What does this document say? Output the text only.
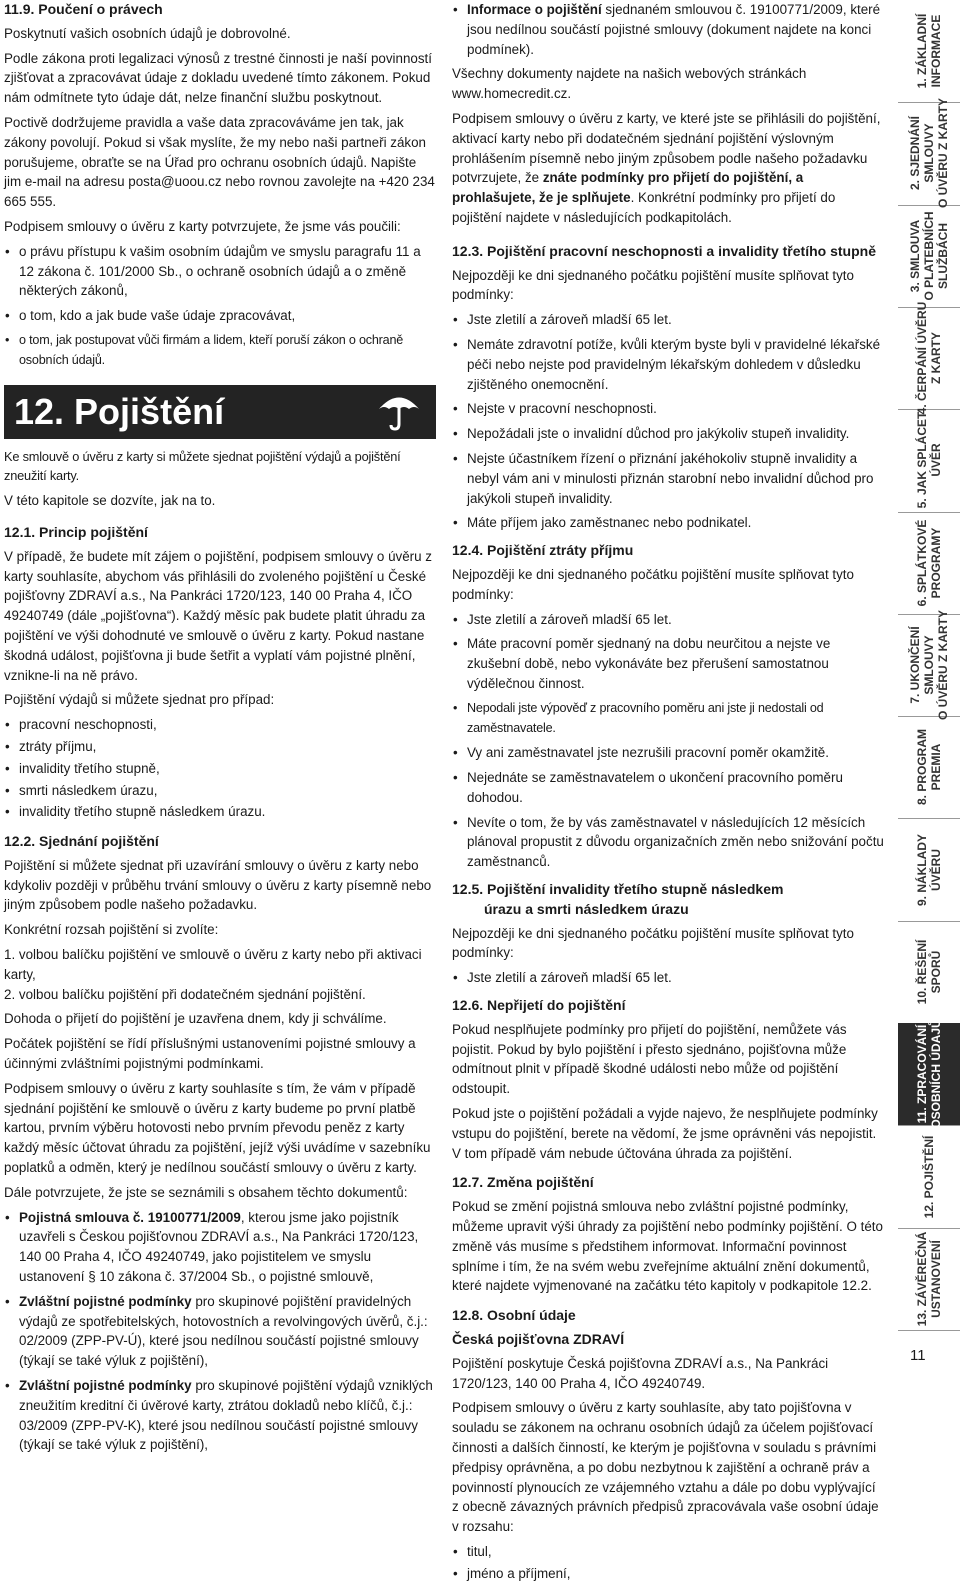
11.9. Poučení o právech

Poskytnutí vašich osobních údajů je dobrovolné.

Podle zákona proti legalizaci výnosů z trestné činnosti je naší povinností zjišťovat a zpracovávat údaje z dokladu uvedené tímto zákonem. Pokud nám odmítnete tyto údaje dát, nelze finanční službu poskytnout.

Poctivě dodržujeme pravidla a vaše data zpracováváme jen tak, jak zákony povolují. Pokud si však myslíte, že my nebo naši partneři zákon porušujeme, obraťte se na Úřad pro ochranu osobních údajů. Napište jim e-mail na adresu posta@uoou.cz nebo rovnou zavolejte na +420 234 665 555.

Podpisem smlouvy o úvěru z karty potvrzujete, že jsme vás poučili:

• o právu přístupu k vašim osobním údajům ve smyslu paragrafu 11 a 12 zákona č. 101/2000 Sb., o ochraně osobních údajů a o změně některých zákonů,
• o tom, kdo a jak bude vaše údaje zpracovávat,
• o tom, jak postupovat vůči firmám a lidem, kteří poruší zákon o ochraně osobních údajů.
12. Pojištění

Ke smlouvě o úvěru z karty si můžete sjednat pojištění výdajů a pojištění zneužití karty.

V této kapitole se dozvíte, jak na to.

12.1. Princip pojištění

V případě, že budete mít zájem o pojištění, podpisem smlouvy o úvěru z karty souhlasíte, abychom vás přihlásili do zvoleného pojištění u České pojišťovny ZDRAVÍ a.s., Na Pankráci 1720/123, 140 00 Praha 4, IČO 49240749 (dále „pojišťovna“). Každý měsíc pak budete platit úhradu za pojištění ve výši dohodnuté ve smlouvě o úvěru z karty. Pokud nastane škodná událost, pojišťovna ji bude šetřit a vyplatí vám pojistné plnění, vznikne-li na ně právo.

Pojištění výdajů si můžete sjednat pro případ:

• pracovní neschopnosti,
• ztráty příjmu,
• invalidity třetího stupně,
• smrti následkem úrazu,
• invalidity třetího stupně následkem úrazu.
12.2. Sjednání pojištění

Pojištění si můžete sjednat při uzavírání smlouvy o úvěru z karty nebo kdykoliv později v průběhu trvání smlouvy o úvěru z karty písemně nebo jiným způsobem podle našeho požadavku.

Konkrétní rozsah pojištění si zvolíte:

1. volbou balíčku pojištění ve smlouvě o úvěru z karty nebo při aktivaci karty,

2. volbou balíčku pojištění při dodatečném sjednání pojištění.

Dohoda o přijetí do pojištění je uzavřena dnem, kdy ji schválíme.

Počátek pojištění se řídí příslušnými ustanoveními pojistné smlouvy a účinnými zvláštními pojistnými podmínkami.

Podpisem smlouvy o úvěru z karty souhlasíte s tím, že vám v případě sjednání pojištění ke smlouvě o úvěru z karty budeme po první platbě kartou, prvním výběru hotovosti nebo prvním převodu peněz z karty každý měsíc účtovat úhradu za pojištění, jejíž výši uvádíme v sazebníku poplatků a odměn, který je nedílnou součástí smlouvy o úvěru z karty.

Dále potvrzujete, že jste se seznámili s obsahem těchto dokumentů:

• Pojistná smlouva č. 19100771/2009, kterou jsme jako pojistník uzavřeli s Českou pojišťovnou ZDRAVÍ a.s., Na Pankráci 1720/123, 140 00 Praha 4, IČO 49240749, jako pojistitelem ve smyslu ustanovení § 10 zákona č. 37/2004 Sb., o pojistné smlouvě,
• Zvláštní pojistné podmínky pro skupinové pojištění pravidelných výdajů ze spotřebitelských, hotovostních a revolvingových úvěrů, č.j.: 02/2009 (ZPP-PV-Ú), které jsou nedílnou součástí pojistné smlouvy (týkají se také výluk z pojištění),
• Zvláštní pojistné podmínky pro skupinové pojištění výdajů vzniklých zneužitím kreditní či úvěrové karty, ztrátou dokladů nebo klíčů, č.j.: 03/2009 (ZPP-PV-K), které jsou nedílnou součástí pojistné smlouvy (týkají se také výluk z pojištění),
• Informace o pojištění sjednaném smlouvou č. 19100771/2009, které jsou nedílnou součástí pojistné smlouvy (dokument najdete na konci podmínek).

Všechny dokumenty najdete na našich webových stránkách www.homecredit.cz.

Podpisem smlouvy o úvěru z karty, ve které jste se přihlásili do pojištění, aktivací karty nebo při dodatečném sjednání pojištění výslovným prohlášením písemně nebo jiným způsobem podle našeho požadavku potvrzujete, že znáte podmínky pro přijetí do pojištění, a prohlašujete, že je splňujete. Konkrétní podmínky pro přijetí do pojištění najdete v následujících podkapitolách.

12.3. Pojištění pracovní neschopnosti a invalidity třetího stupně

Nejpozději ke dni sjednaného počátku pojištění musíte splňovat tyto podmínky:

• Jste zletilí a zároveň mladší 65 let.
• Nemáte zdravotní potíže, kvůli kterým byste byli v pravidelné lékařské péči nebo nejste pod pravidelným lékařským dohledem v důsledku zjištěného onemocnění.
• Nejste v pracovní neschopnosti.
• Nepožádali jste o invalidní důchod pro jakýkoliv stupeň invalidity.
• Nejste účastníkem řízení o přiznání jakéhokoliv stupně invalidity a nebyl vám ani v minulosti přiznán starobní nebo invalidní důchod pro jakýkoli stupeň invalidity.
• Máte příjem jako zaměstnanec nebo podnikatel.
12.4. Pojištění ztráty příjmu

Nejpozději ke dni sjednaného počátku pojištění musíte splňovat tyto podmínky:

• Jste zletilí a zároveň mladší 65 let.
• Máte pracovní poměr sjednaný na dobu neurčitou a nejste ve zkušební době, nebo vykonáváte bez přerušení samostatnou výdělečnou činnost.
• Nepodali jste výpověď z pracovního poměru ani jste ji nedostali od zaměstnavatele.
• Vy ani zaměstnavatel jste nezrušili pracovní poměr okamžitě.
• Nejednáte se zaměstnavatelem o ukončení pracovního poměru dohodou.
• Nevíte o tom, že by vás zaměstnavatel v následujících 12 měsících plánoval propustit z důvodu organizačních změn nebo snižování počtu zaměstnanců.
12.5. Pojištění invalidity třetího stupně následkem
úrazu a smrti následkem úrazu

Nejpozději ke dni sjednaného počátku pojištění musíte splňovat tyto podmínky:

• Jste zletilí a zároveň mladší 65 let.
12.6. Nepřijetí do pojištění

Pokud nesplňujete podmínky pro přijetí do pojištění, nemůžete vás pojistit. Pokud by bylo pojištění i přesto sjednáno, pojišťovna může odmítnout plnit v případě škodné události nebo může od pojištění odstoupit.

Pokud jste o pojištění požádali a vyjde najevo, že nesplňujete podmínky vstupu do pojištění, berete na vědomí, že jsme oprávněni vás nepojistit. V tom případě vám nebude účtována úhrada za pojištění.

12.7. Změna pojištění

Pokud se změní pojistná smlouva nebo zvláštní pojistné podmínky, můžeme upravit výši úhrady za pojištění nebo podmínky pojištění. O této změně vás musíme s předstihem informovat. Informační povinnost splníme i tím, že na svém webu zveřejníme aktuální znění dokumentů, které najdete vyjmenované na začátku této kapitoly v podkapitole 12.2.

12.8. Osobní údaje
Česká pojišťovna ZDRAVÍ

Pojištění poskytuje Česká pojišťovna ZDRAVÍ a.s., Na Pankráci 1720/123, 140 00 Praha 4, IČO 49240749.

Podpisem smlouvy o úvěru z karty souhlasíte, aby tato pojišťovna v souladu se zákonem na ochranu osobních údajů za účelem pojišťovací činnosti a dalších činností, ke kterým je pojišťovna v souladu s právními předpisy oprávněna, a po dobu nezbytnou k zajištění a ochraně práv a povinností plynoucích ze vzájemného vztahu a dále po dobu vyplývající z obecně závazných právních předpisů zpracovávala vaše osobní údaje v rozsahu:

• titul,
• jméno a příjmení,
1. ZÁKLADNÍ
INFORMACE
2. SJEDNÁNÍ
SMLOUVY
O ÚVĚRU Z KARTY
3. SMLOUVA
O PLATEBNÍCH
SLUŽBÁCH
4. ČERPÁNÍ ÚVĚRU
Z KARTY
5. JAK SPLÁCET
ÚVĚR
6. SPLÁTKOVÉ
PROGRAMY
7. UKONČENÍ
SMLOUVY
O ÚVĚRU Z KARTY
8. PROGRAM
PREMIA
9. NÁKLADY
ÚVĚRU
10. ŘEŠENÍ
SPORŮ
11. ZPRACOVÁNÍ
OSOBNÍCH ÚDAJŮ
12. POJIŠTĚNÍ
13. ZÁVĚREČNÁ
USTANOVENÍ
11
